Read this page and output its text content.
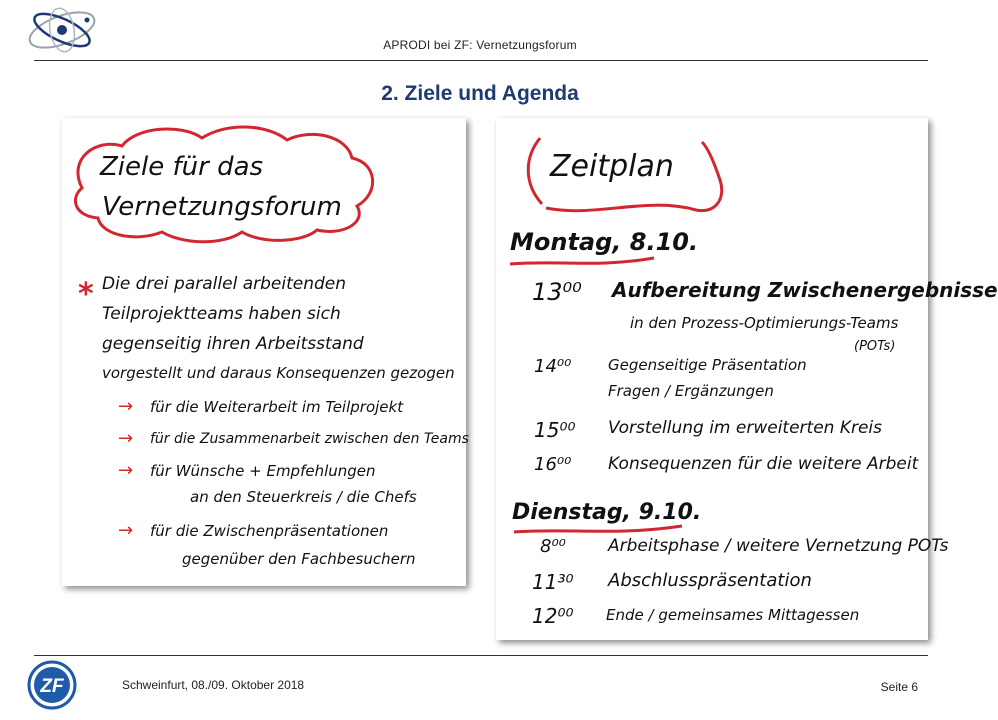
APRODI bei ZF: Vernetzungsforum
2. Ziele und Agenda
Ziele für das
Vernetzungsforum
* Die drei parallel arbeitenden
Teilprojektteams haben sich
gegenseitig ihren Arbeitsstand
vorgestellt und daraus Konsequenzen gezogen
→ für die Weiterarbeit im Teilprojekt
→ für die Zusammenarbeit zwischen den Teams
→ für Wünsche + Empfehlungen
an den Steuerkreis / die Chefs
→ für die Zwischenpräsentationen
gegenüber den Fachbesuchern
Zeitplan
Montag, 8.10.
13⁰⁰ Aufbereitung Zwischenergebnisse
in den Prozess-Optimierungs-Teams
(POTs)
14⁰⁰ Gegenseitige Präsentation
Fragen / Ergänzungen
15⁰⁰ Vorstellung im erweiterten Kreis
16⁰⁰ Konsequenzen für die weitere Arbeit
Dienstag, 9.10.
8⁰⁰ Arbeitsphase / weitere Vernetzung POTs
11³⁰ Abschlusspräsentation
12⁰⁰ Ende / gemeinsames Mittagessen
ZF	Schweinfurt, 08./09. Oktober 2018	Seite 6
